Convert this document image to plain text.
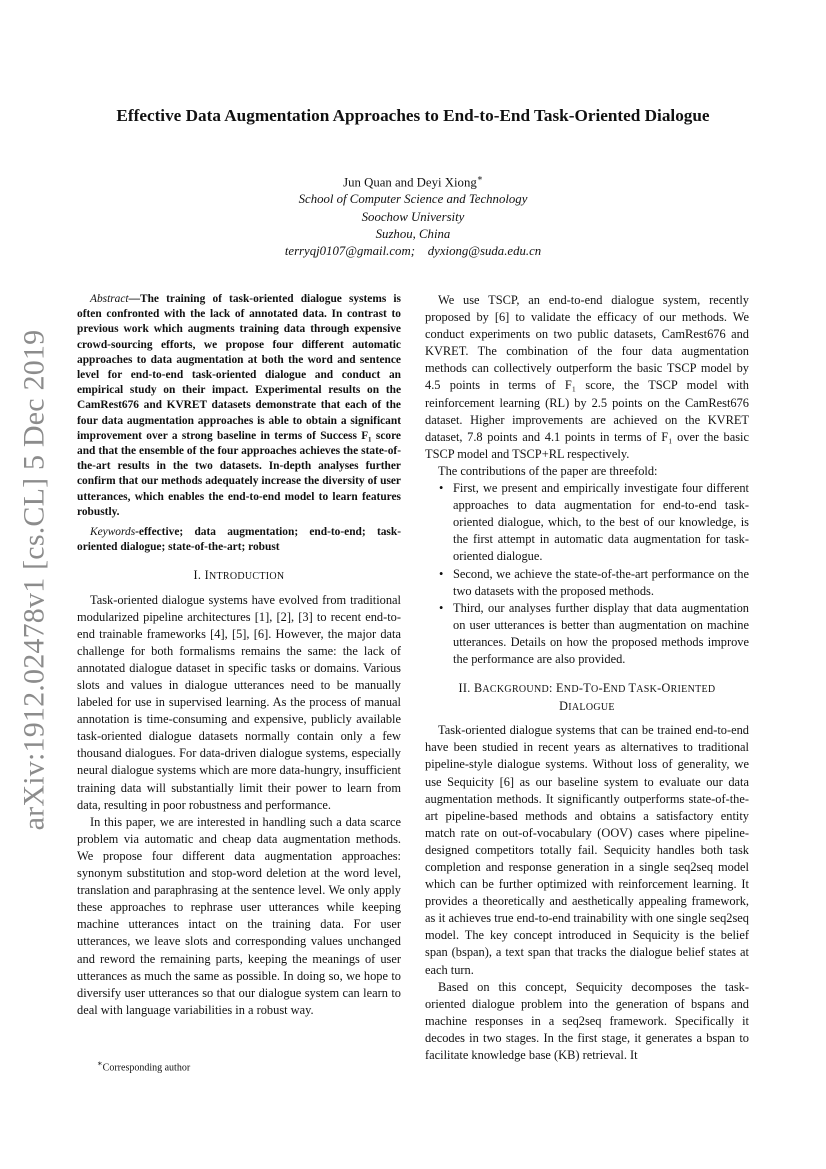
arXiv:1912.02478v1 [cs.CL] 5 Dec 2019
Effective Data Augmentation Approaches to End-to-End Task-Oriented Dialogue
Jun Quan and Deyi Xiong∗
School of Computer Science and Technology
Soochow University
Suzhou, China
terryqj0107@gmail.com;    dyxiong@suda.edu.cn

Abstract—The training of task-oriented dialogue systems is often confronted with the lack of annotated data. In contrast to previous work which augments training data through expensive crowd-sourcing efforts, we propose four different automatic approaches to data augmentation at both the word and sentence level for end-to-end task-oriented dialogue and conduct an empirical study on their impact. Experimental results on the CamRest676 and KVRET datasets demonstrate that each of the four data augmentation approaches is able to obtain a significant improvement over a strong baseline in terms of Success F₁ score and that the ensemble of the four approaches achieves the state-of-the-art results in the two datasets. In-depth analyses further confirm that our methods adequately increase the diversity of user utterances, which enables the end-to-end model to learn features robustly.

Keywords-effective; data augmentation; end-to-end; task-oriented dialogue; state-of-the-art; robust

I. INTRODUCTION

Task-oriented dialogue systems have evolved from traditional modularized pipeline architectures [1], [2], [3] to recent end-to-end trainable frameworks [4], [5], [6]. However, the major data challenge for both formalisms remains the same: the lack of annotated dialogue dataset in specific tasks or domains. Various slots and values in dialogue utterances need to be manually labeled for use in supervised learning. As the process of manual annotation is time-consuming and expensive, publicly available task-oriented dialogue datasets normally contain only a few thousand dialogues. For data-driven dialogue systems, especially neural dialogue systems which are more data-hungry, insufficient training data will substantially limit their power to learn from data, resulting in poor robustness and performance.

In this paper, we are interested in handling such a data scarce problem via automatic and cheap data augmentation methods. We propose four different data augmentation approaches: synonym substitution and stop-word deletion at the word level, translation and paraphrasing at the sentence level. We only apply these approaches to rephrase user utterances while keeping machine utterances intact on the training data. For user utterances, we leave slots and corresponding values unchanged and reword the remaining parts, keeping the meanings of user utterances as much the same as possible. In doing so, we hope to diversify user utterances so that our dialogue system can learn to deal with language variabilities in a robust way.

We use TSCP, an end-to-end dialogue system, recently proposed by [6] to validate the efficacy of our methods. We conduct experiments on two public datasets, CamRest676 and KVRET. The combination of the four data augmentation methods can collectively outperform the basic TSCP model by 4.5 points in terms of F₁ score, the TSCP model with reinforcement learning (RL) by 2.5 points on the CamRest676 dataset. Higher improvements are achieved on the KVRET dataset, 7.8 points and 4.1 points in terms of F₁ over the basic TSCP model and TSCP+RL respectively.

The contributions of the paper are threefold:

• First, we present and empirically investigate four different approaches to data augmentation for end-to-end task-oriented dialogue, which, to the best of our knowledge, is the first attempt in automatic data augmentation for task-oriented dialogue.
• Second, we achieve the state-of-the-art performance on the two datasets with the proposed methods.
• Third, our analyses further display that data augmentation on user utterances is better than augmentation on machine utterances. Details on how the proposed methods improve the performance are also provided.
II. BACKGROUND: END-TO-END TASK-ORIENTED
DIALOGUE

Task-oriented dialogue systems that can be trained end-to-end have been studied in recent years as alternatives to traditional pipeline-style dialogue systems. Without loss of generality, we use Sequicity [6] as our baseline system to evaluate our data augmentation methods. It significantly outperforms state-of-the-art pipeline-based methods and obtains a satisfactory entity match rate on out-of-vocabulary (OOV) cases where pipeline-designed competitors totally fail. Sequicity handles both task completion and response generation in a single seq2seq model which can be further optimized with reinforcement learning. It provides a theoretically and aesthetically appealing framework, as it achieves true end-to-end trainability with one single seq2seq model. The key concept introduced in Sequicity is the belief span (bspan), a text span that tracks the dialogue belief states at each turn.

Based on this concept, Sequicity decomposes the task-oriented dialogue problem into the generation of bspans and machine responses in a seq2seq framework. Specifically it decodes in two stages. In the first stage, it generates a bspan to facilitate knowledge base (KB) retrieval. It

∗Corresponding author
